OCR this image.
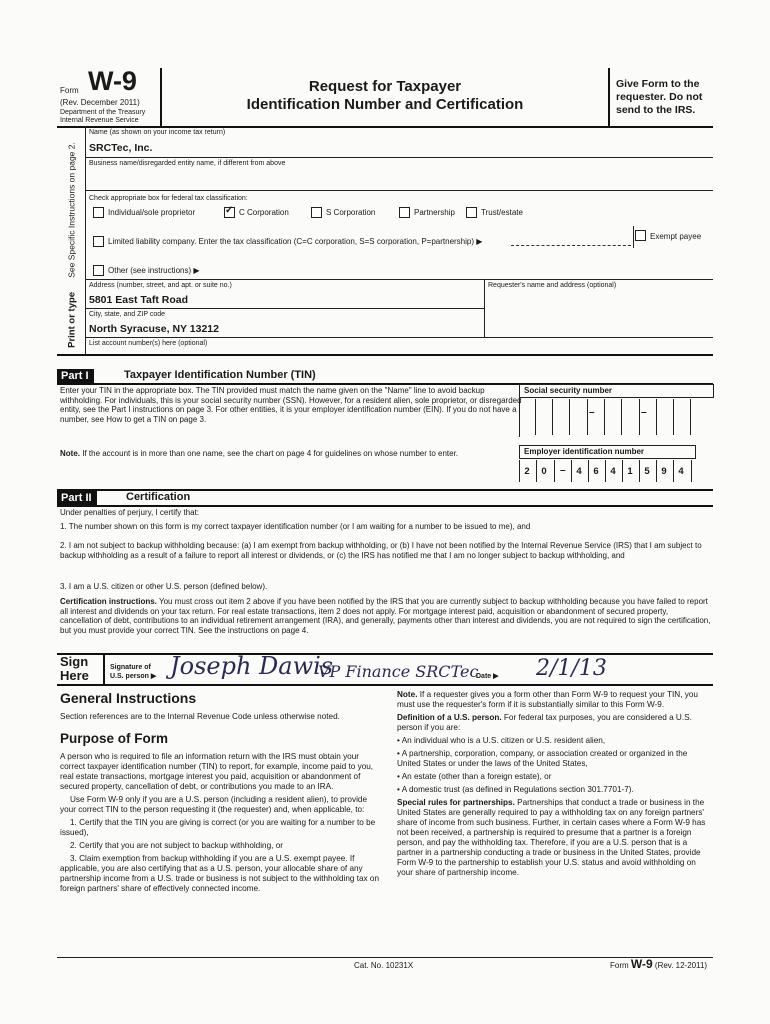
Form W-9
(Rev. December 2011)
Department of the Treasury
Internal Revenue Service
Request for Taxpayer
Identification Number and Certification
Give Form to the requester. Do not send to the IRS.
Print or type      See Specific Instructions on page 2.
Name (as shown on your income tax return)
SRCTec, Inc.
Business name/disregarded entity name, if different from above
Check appropriate box for federal tax classification:
Individual/sole proprietor	✓ C Corporation	S Corporation	Partnership	Trust/estate
Limited liability company. Enter the tax classification (C=C corporation, S=S corporation, P=partnership) ▶
Exempt payee
Other (see instructions) ▶
Address (number, street, and apt. or suite no.)
5801 East Taft Road
Requester's name and address (optional)
City, state, and ZIP code
North Syracuse, NY 13212
List account number(s) here (optional)
Part I	Taxpayer Identification Number (TIN)
Enter your TIN in the appropriate box. The TIN provided must match the name given on the "Name" line to avoid backup withholding. For individuals, this is your social security number (SSN). However, for a resident alien, sole proprietor, or disregarded entity, see the Part I instructions on page 3. For other entities, it is your employer identification number (EIN). If you do not have a number, see How to get a TIN on page 3.
Note. If the account is in more than one name, see the chart on page 4 for guidelines on whose number to enter.
Social security number
–	–
Employer identification number
2	0	–	4	6	4	1	5	9	4
Part II	Certification
Under penalties of perjury, I certify that:
1. The number shown on this form is my correct taxpayer identification number (or I am waiting for a number to be issued to me), and
2. I am not subject to backup withholding because: (a) I am exempt from backup withholding, or (b) I have not been notified by the Internal Revenue Service (IRS) that I am subject to backup withholding as a result of a failure to report all interest or dividends, or (c) the IRS has notified me that I am no longer subject to backup withholding, and
3. I am a U.S. citizen or other U.S. person (defined below).
Certification instructions. You must cross out item 2 above if you have been notified by the IRS that you are currently subject to backup withholding because you have failed to report all interest and dividends on your tax return. For real estate transactions, item 2 does not apply. For mortgage interest paid, acquisition or abandonment of secured property, cancellation of debt, contributions to an individual retirement arrangement (IRA), and generally, payments other than interest and dividends, you are not required to sign the certification, but you must provide your correct TIN. See the instructions on page 4.
Sign
Here
Signature of
U.S. person ▶ Joseph Dawis
VP Finance SRCTec
Date ▶ 2/1/13
General Instructions

Section references are to the Internal Revenue Code unless otherwise noted.

Purpose of Form

A person who is required to file an information return with the IRS must obtain your correct taxpayer identification number (TIN) to report, for example, income paid to you, real estate transactions, mortgage interest you paid, acquisition or abandonment of secured property, cancellation of debt, or contributions you made to an IRA.

Use Form W-9 only if you are a U.S. person (including a resident alien), to provide your correct TIN to the person requesting it (the requester) and, when applicable, to:

1. Certify that the TIN you are giving is correct (or you are waiting for a number to be issued),

2. Certify that you are not subject to backup withholding, or

3. Claim exemption from backup withholding if you are a U.S. exempt payee. If applicable, you are also certifying that as a U.S. person, your allocable share of any partnership income from a U.S. trade or business is not subject to the withholding tax on foreign partners' share of effectively connected income.

Note. If a requester gives you a form other than Form W-9 to request your TIN, you must use the requester's form if it is substantially similar to this Form W-9.

Definition of a U.S. person. For federal tax purposes, you are considered a U.S. person if you are:

• An individual who is a U.S. citizen or U.S. resident alien,

• A partnership, corporation, company, or association created or organized in the United States or under the laws of the United States,

• An estate (other than a foreign estate), or

• A domestic trust (as defined in Regulations section 301.7701-7).

Special rules for partnerships. Partnerships that conduct a trade or business in the United States are generally required to pay a withholding tax on any foreign partners' share of income from such business. Further, in certain cases where a Form W-9 has not been received, a partnership is required to presume that a partner is a foreign person, and pay the withholding tax. Therefore, if you are a U.S. person that is a partner in a partnership conducting a trade or business in the United States, provide Form W-9 to the partnership to establish your U.S. status and avoid withholding on your share of partnership income.

Cat. No. 10231X	Form W-9 (Rev. 12-2011)
